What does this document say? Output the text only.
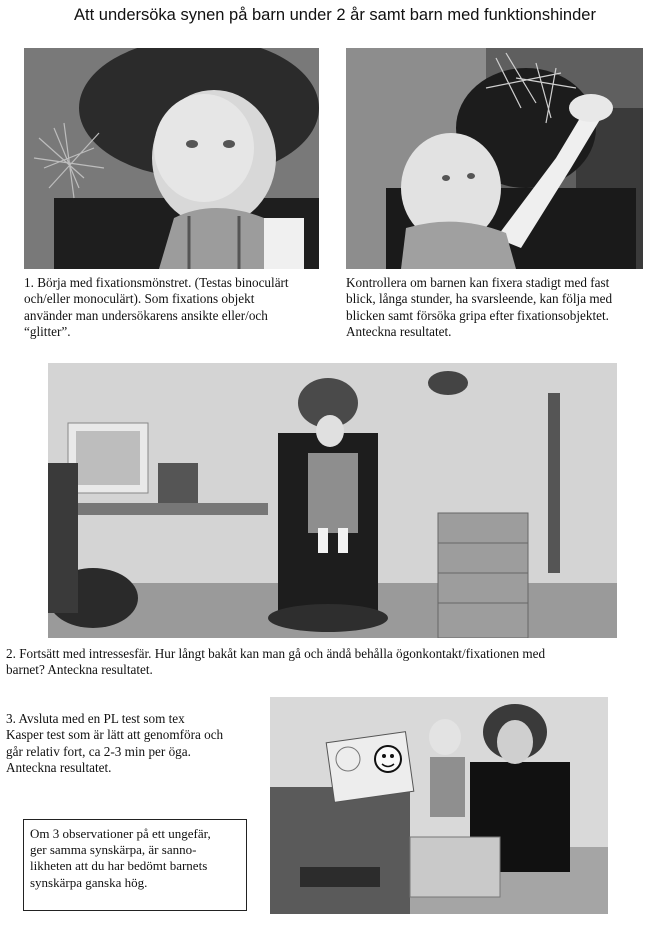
Att undersöka synen på barn under 2 år samt barn med funktionshinder
1. Börja med fixationsmönstret. (Testas binoculärt
och/eller monoculärt). Som fixations objekt
använder man undersökarens ansikte eller/och
“glitter”.
Kontrollera om barnen kan fixera stadigt med fast
blick, långa stunder, ha svarsleende, kan följa med
blicken samt försöka gripa efter fixationsobjektet.
Anteckna resultatet.
2. Fortsätt med intressesfär. Hur långt bakåt kan man gå och ändå behålla ögonkontakt/fixationen med
barnet? Anteckna resultatet.
3. Avsluta med en PL test som tex
Kasper test som är lätt att genomföra och
går relativ fort, ca 2-3 min per öga.
Anteckna resultatet.
Om 3 observationer på ett ungefär,
ger samma synskärpa, är sanno-
likheten att du har bedömt barnets
synskärpa ganska hög.
